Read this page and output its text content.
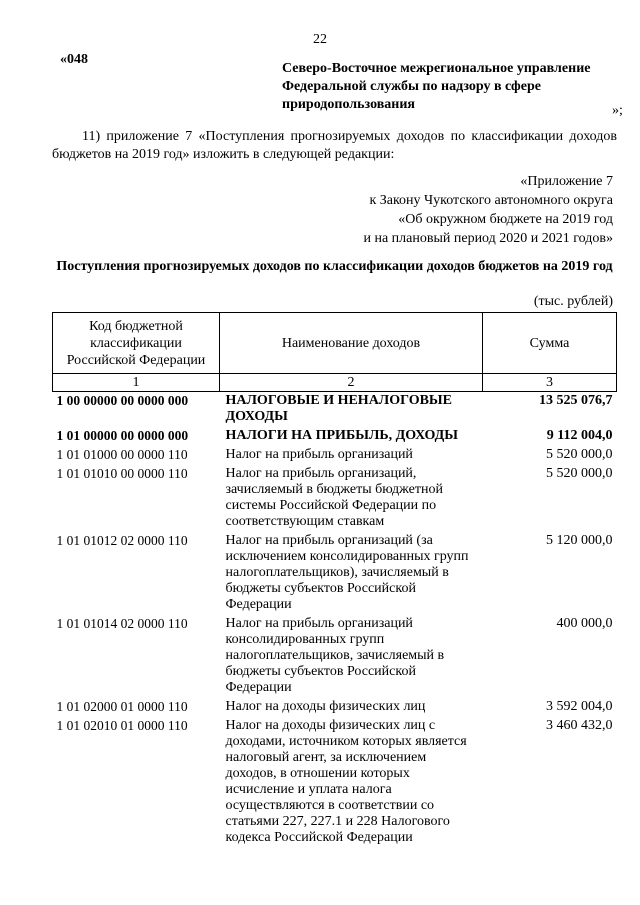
22
«048
Северо-Восточное межрегиональное управление Федеральной службы по надзору в сфере природопользования	»;
11) приложение 7 «Поступления прогнозируемых доходов по классификации доходов бюджетов на 2019 год» изложить в следующей редакции:
«Приложение 7
к Закону Чукотского автономного округа
«Об окружном бюджете на 2019 год
и на плановый период 2020 и 2021 годов»
Поступления прогнозируемых доходов по классификации доходов бюджетов на 2019 год
(тыс. рублей)
Код бюджетной классификации Российской Федерации	Наименование доходов	Сумма
1	2	3
1 00 00000 00 0000 000	НАЛОГОВЫЕ И НЕНАЛОГОВЫЕ ДОХОДЫ	13 525 076,7
1 01 00000 00 0000 000	НАЛОГИ НА ПРИБЫЛЬ, ДОХОДЫ	9 112 004,0
1 01 01000 00 0000 110	Налог на прибыль организаций	5 520 000,0
1 01 01010 00 0000 110	Налог на прибыль организаций, зачисляемый в бюджеты бюджетной системы Российской Федерации по соответствующим ставкам	5 520 000,0
1 01 01012 02 0000 110	Налог на прибыль организаций (за исключением консолидированных групп налогоплательщиков), зачисляемый в бюджеты субъектов Российской Федерации	5 120 000,0
1 01 01014 02 0000 110	Налог на прибыль организаций консолидированных групп налогоплательщиков, зачисляемый в бюджеты субъектов Российской Федерации	400 000,0
1 01 02000 01 0000 110	Налог на доходы физических лиц	3 592 004,0
1 01 02010 01 0000 110	Налог на доходы физических лиц с доходами, источником которых является налоговый агент, за исключением доходов, в отношении которых исчисление и уплата налога осуществляются в соответствии со статьями 227, 227.1 и 228 Налогового кодекса Российской Федерации	3 460 432,0
